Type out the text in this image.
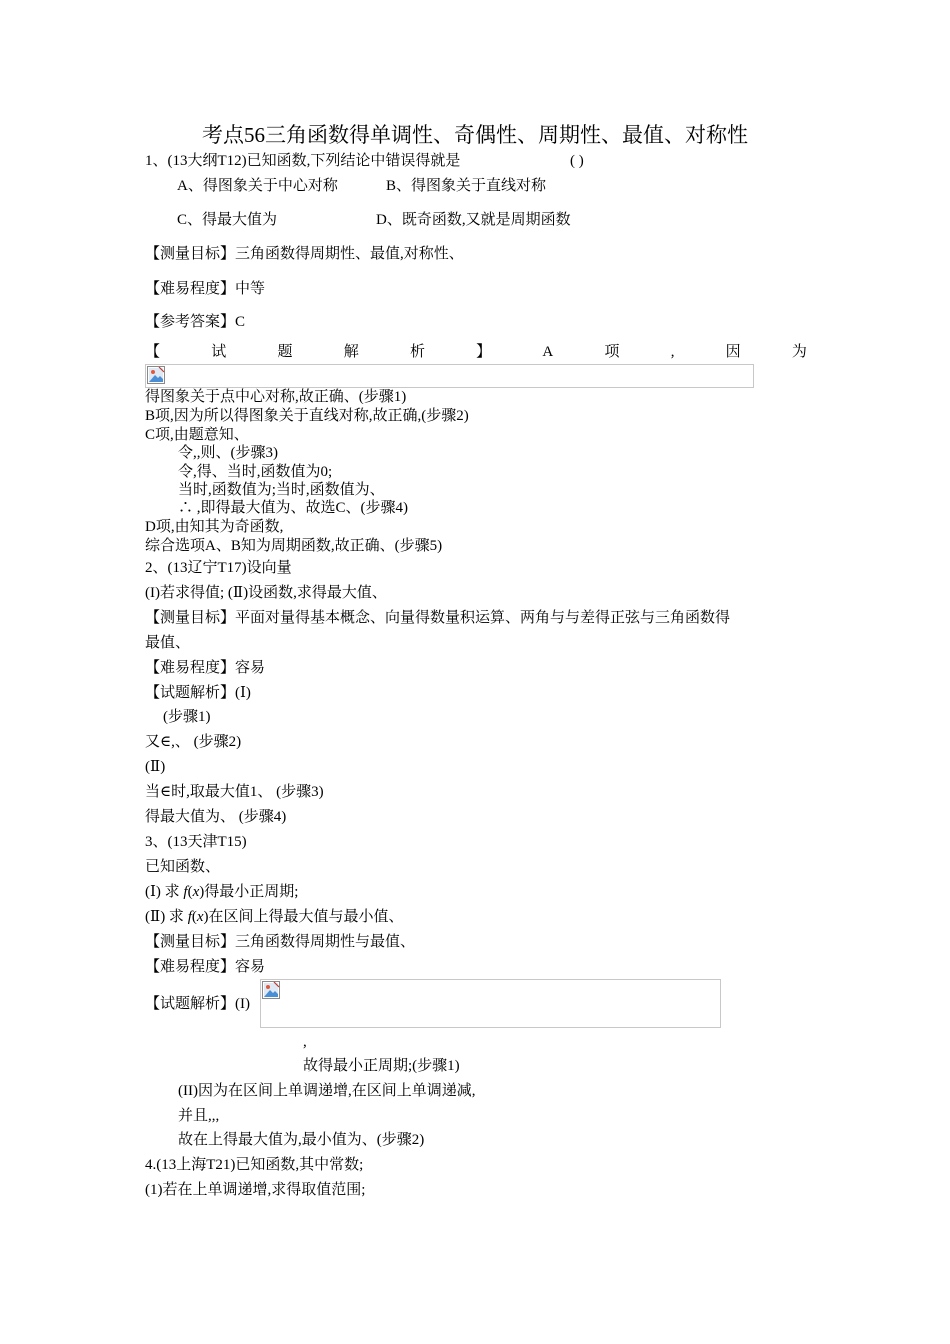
考点56三角函数得单调性、奇偶性、周期性、最值、对称性
1、(13大纲T12)已知函数,下列结论中错误得就是	( )
A、得图象关于中心对称	B、得图象关于直线对称
C、得最大值为	D、既奇函数,又就是周期函数
【测量目标】三角函数得周期性、最值,对称性、
【难易程度】中等
【参考答案】C
【	试	题	解	析	】	A	项	,	因	为
得图象关于点中心对称,故正确、(步骤1)
B项,因为所以得图象关于直线对称,故正确,(步骤2)
C项,由题意知、
令,,则、(步骤3)
令,得、当时,函数值为0;
当时,函数值为;当时,函数值为、
∴ ,即得最大值为、故选C、(步骤4)
D项,由知其为奇函数,
综合选项A、B知为周期函数,故正确、(步骤5)
2、(13辽宁T17)设向量
(I)若求得值; (Ⅱ)设函数,求得最大值、
【测量目标】平面对量得基本概念、向量得数量积运算、两角与与差得正弦与三角函数得
最值、
【难易程度】容易
【试题解析】(Ⅰ)
(步骤1)
又∈,、 (步骤2)
(Ⅱ)
当∈时,取最大值1、 (步骤3)
得最大值为、 (步骤4)
3、(13天津T15)
已知函数、
(Ⅰ) 求 f(x)得最小正周期;
(Ⅱ) 求 f(x)在区间上得最大值与最小值、
【测量目标】三角函数得周期性与最值、
【难易程度】容易
【试题解析】(I)
,
故得最小正周期;(步骤1)
(II)因为在区间上单调递增,在区间上单调递减,
并且,,,
故在上得最大值为,最小值为、(步骤2)
4.(13上海T21)已知函数,其中常数;
(1)若在上单调递增,求得取值范围;
